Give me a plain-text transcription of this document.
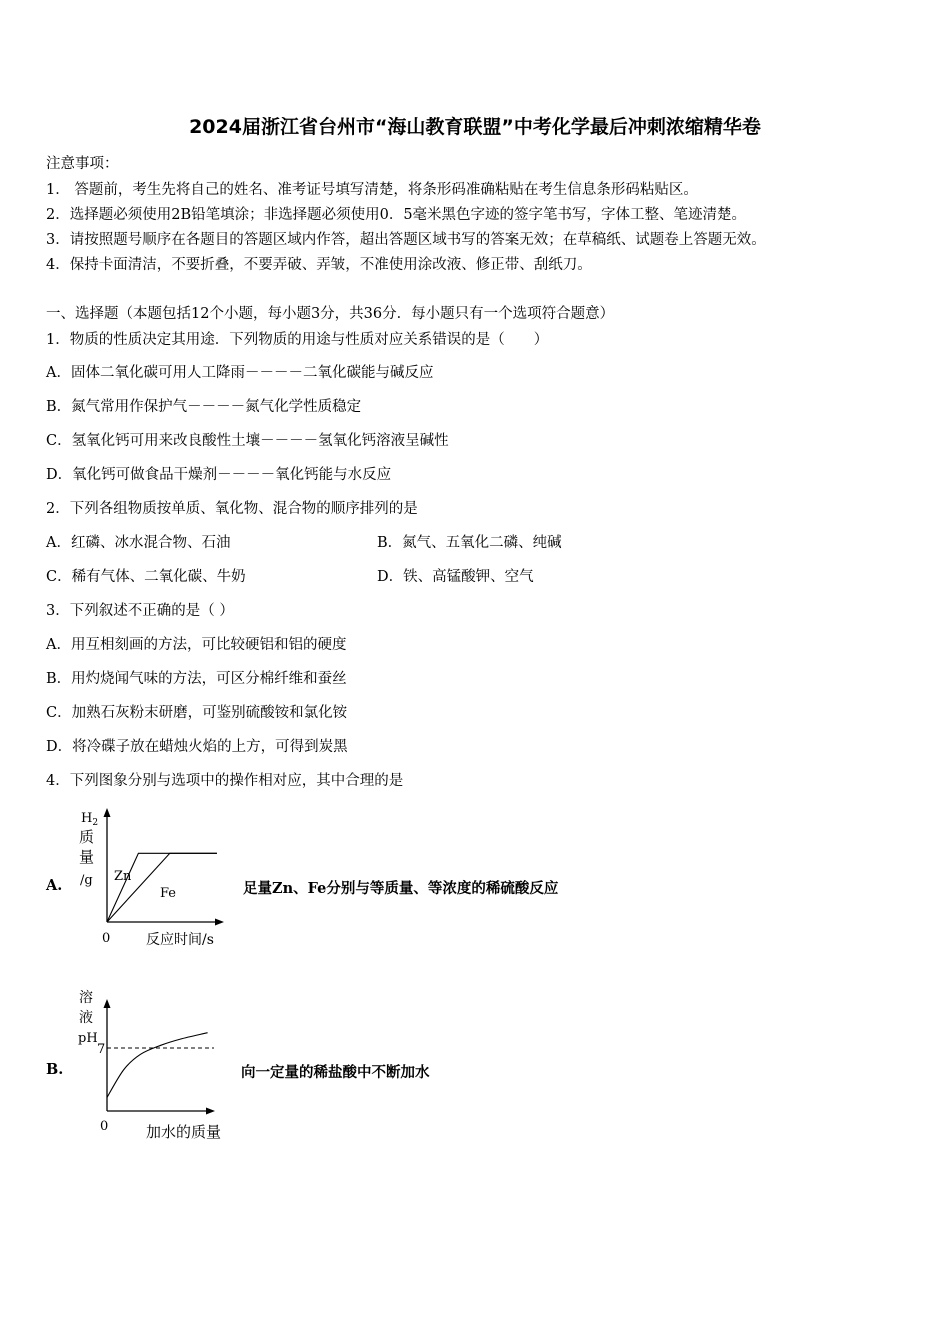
2024届浙江省台州市“海山教育联盟”中考化学最后冲刺浓缩精华卷
注意事项：
1． 答题前，考生先将自己的姓名、准考证号填写清楚，将条形码准确粘贴在考生信息条形码粘贴区。
2．选择题必须使用2B铅笔填涂；非选择题必须使用0．5毫米黑色字迹的签字笔书写，字体工整、笔迹清楚。
3．请按照题号顺序在各题目的答题区域内作答，超出答题区域书写的答案无效；在草稿纸、试题卷上答题无效。
4．保持卡面清洁，不要折叠，不要弄破、弄皱，不准使用涂改液、修正带、刮纸刀。
一、选择题（本题包括12个小题，每小题3分，共36分．每小题只有一个选项符合题意）
1．物质的性质决定其用途．下列物质的用途与性质对应关系错误的是（　　）
A．固体二氧化碳可用人工降雨－－－－二氧化碳能与碱反应
B．氮气常用作保护气－－－－氮气化学性质稳定
C．氢氧化钙可用来改良酸性土壤－－－－氢氧化钙溶液呈碱性
D．氧化钙可做食品干燥剂－－－－氧化钙能与水反应
2．下列各组物质按单质、氧化物、混合物的顺序排列的是
A．红磷、冰水混合物、石油	B．氮气、五氧化二磷、纯碱
C．稀有气体、二氧化碳、牛奶	D．铁、高锰酸钾、空气
3．下列叙述不正确的是（ ）
A．用互相刻画的方法，可比较硬铝和铝的硬度
B．用灼烧闻气味的方法，可区分棉纤维和蚕丝
C．加熟石灰粉末研磨，可鉴别硫酸铵和氯化铵
D．将冷碟子放在蜡烛火焰的上方，可得到炭黑
4．下列图象分别与选项中的操作相对应，其中合理的是
A.
$H_2$
质
量
/g
0	反应时间/s
Zn
Fe	足量Zn、Fe分别与等质量、等浓度的稀硫酸反应
B.
溶
液
pH
7
0	加水的质量
向一定量的稀盐酸中不断加水
